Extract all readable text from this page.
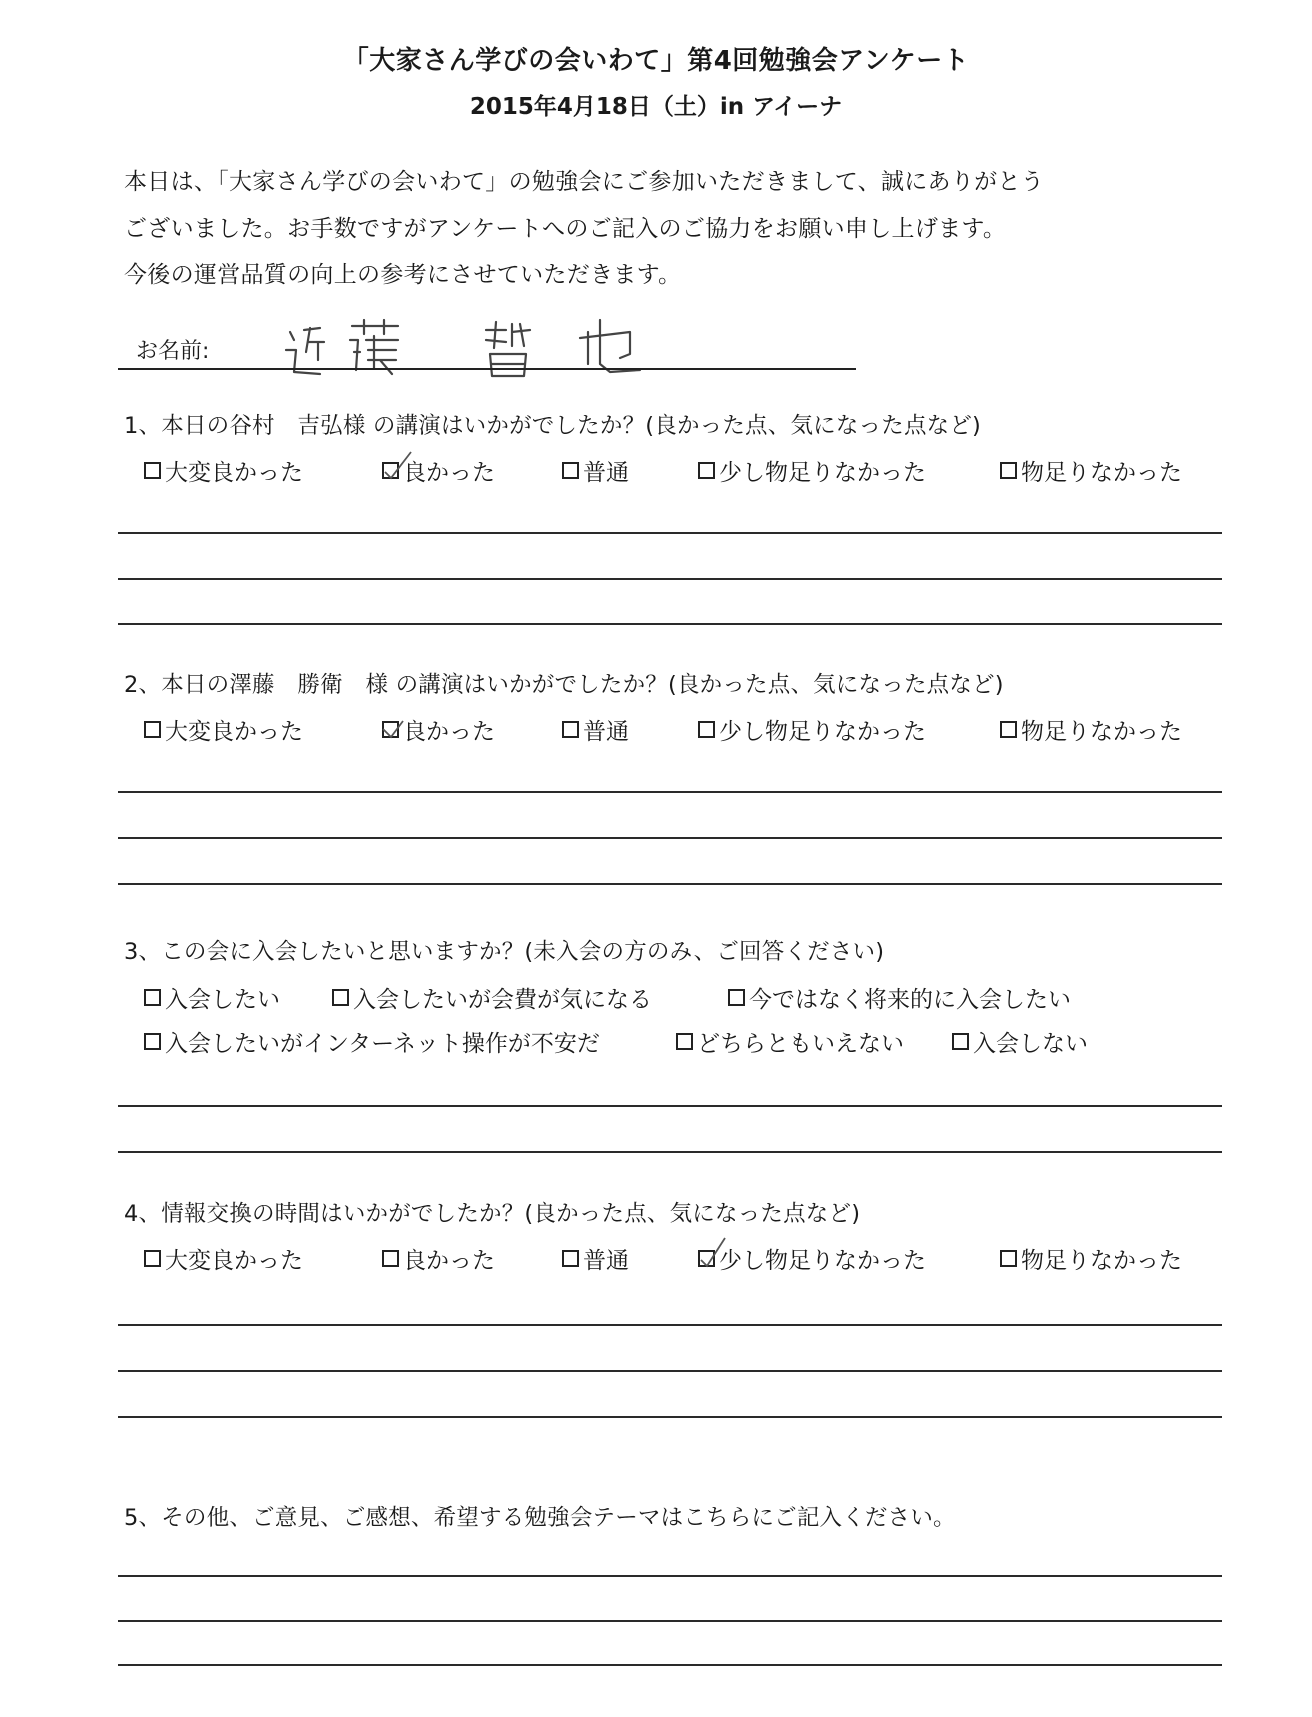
「大家さん学びの会いわて」第4回勉強会アンケート
2015年4月18日（土）in アイーナ
本日は、「大家さん学びの会いわて」の勉強会にご参加いただきまして、誠にありがとう
ございました。お手数ですがアンケートへのご記入のご協力をお願い申し上げます。
今後の運営品質の向上の参考にさせていただきます。
お名前:
1、本日の谷村　吉弘様 の講演はいかがでしたか？(良かった点、気になった点など)
大変良かった	良かった	普通	少し物足りなかった	物足りなかった
2、本日の澤藤　勝衛　様 の講演はいかがでしたか？(良かった点、気になった点など)
大変良かった	良かった	普通	少し物足りなかった	物足りなかった
3、この会に入会したいと思いますか？(未入会の方のみ、ご回答ください)
入会したい	入会したいが会費が気になる	今ではなく将来的に入会したい
入会したいがインターネット操作が不安だ	どちらともいえない	入会しない
4、情報交換の時間はいかがでしたか？(良かった点、気になった点など)
大変良かった	良かった	普通	少し物足りなかった	物足りなかった
5、その他、ご意見、ご感想、希望する勉強会テーマはこちらにご記入ください。
